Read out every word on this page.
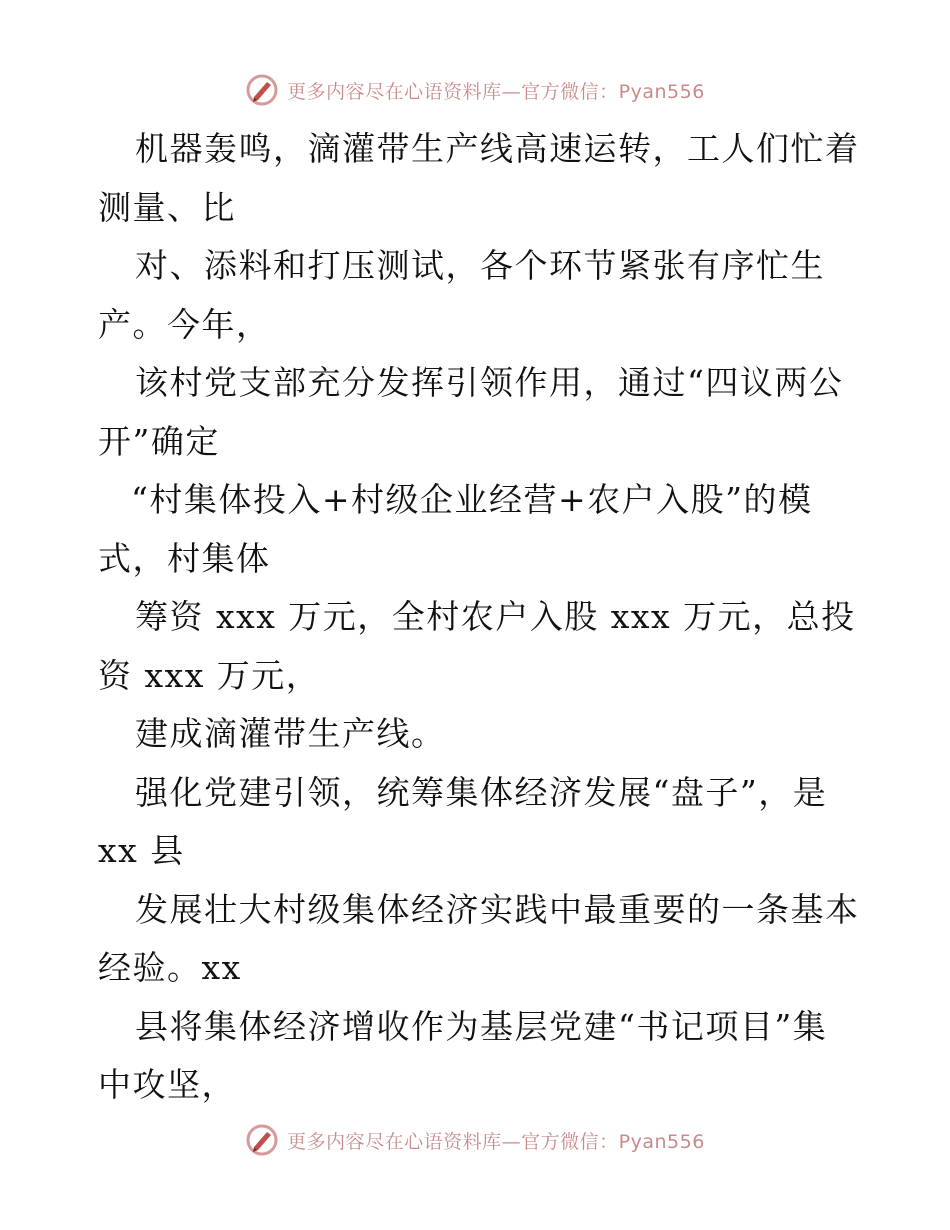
更多内容尽在心语资料库—官方微信：Pyan556
机器轰鸣，滴灌带生产线高速运转，工人们忙着
测量、比
对、添料和打压测试，各个环节紧张有序忙生
产。今年，
该村党支部充分发挥引领作用，通过“四议两公
开”确定
“村集体投入+村级企业经营+农户入股”的模
式，村集体
筹资 xxx 万元，全村农户入股 xxx 万元，总投
资 xxx 万元，
建成滴灌带生产线。
强化党建引领，统筹集体经济发展“盘子”，是
xx 县
发展壮大村级集体经济实践中最重要的一条基本
经验。xx
县将集体经济增收作为基层党建“书记项目”集
中攻坚，
更多内容尽在心语资料库—官方微信：Pyan556
